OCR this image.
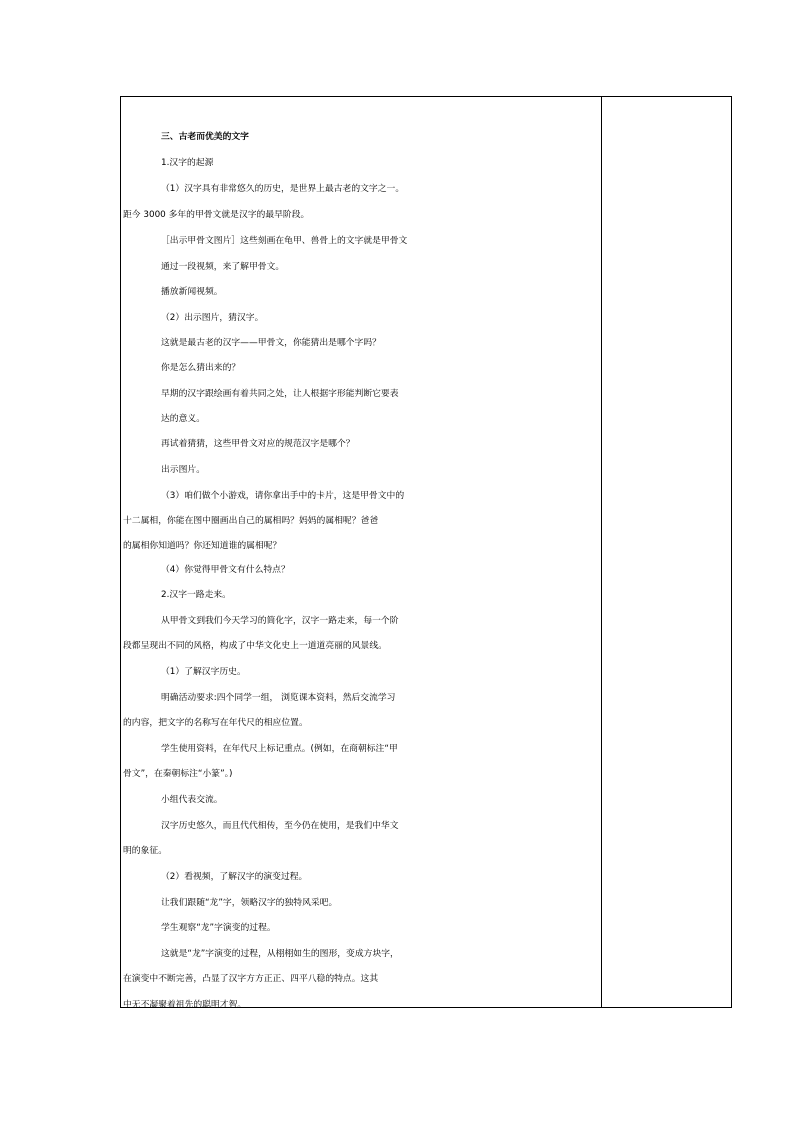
三、古老而优美的文字
1.汉字的起源
（1）汉字具有非常悠久的历史，是世界上最古老的文字之一。
距今 3000 多年的甲骨文就是汉字的最早阶段。
［出示甲骨文图片］这些刻画在龟甲、兽骨上的文字就是甲骨文
通过一段视频，来了解甲骨文。
播放新闻视频。
（2）出示图片，猜汉字。
这就是最古老的汉字——甲骨文，你能猜出是哪个字吗？
你是怎么猜出来的？
早期的汉字跟绘画有着共同之处，让人根据字形能判断它要表
达的意义。
再试着猜猜，这些甲骨文对应的规范汉字是哪个？
出示图片。
（3）咱们做个小游戏，请你拿出手中的卡片，这是甲骨文中的
十二属相，你能在图中圈画出自己的属相吗？妈妈的属相呢？爸爸
的属相你知道吗？你还知道谁的属相呢？
（4）你觉得甲骨文有什么特点？
2.汉字一路走来。
从甲骨文到我们今天学习的简化字，汉字一路走来，每一个阶
段都呈现出不同的风格，构成了中华文化史上一道道亮丽的风景线。
（1）了解汉字历史。
明确活动要求:四个同学一组， 浏览课本资料，然后交流学习
的内容，把文字的名称写在年代尺的相应位置。
学生使用资料，在年代尺上标记重点。(例如，在商朝标注“甲
骨文”，在秦朝标注“小篆”。)
小组代表交流。
汉字历史悠久，而且代代相传，至今仍在使用，是我们中华文
明的象征。
（2）看视频，了解汉字的演变过程。
让我们跟随“龙”字，领略汉字的独特风采吧。
学生观察“龙”字演变的过程。
这就是“龙”字演变的过程，从栩栩如生的图形，变成方块字，
在演变中不断完善，凸显了汉字方方正正、四平八稳的特点。这其
中无不凝聚着祖先的聪明才智。
